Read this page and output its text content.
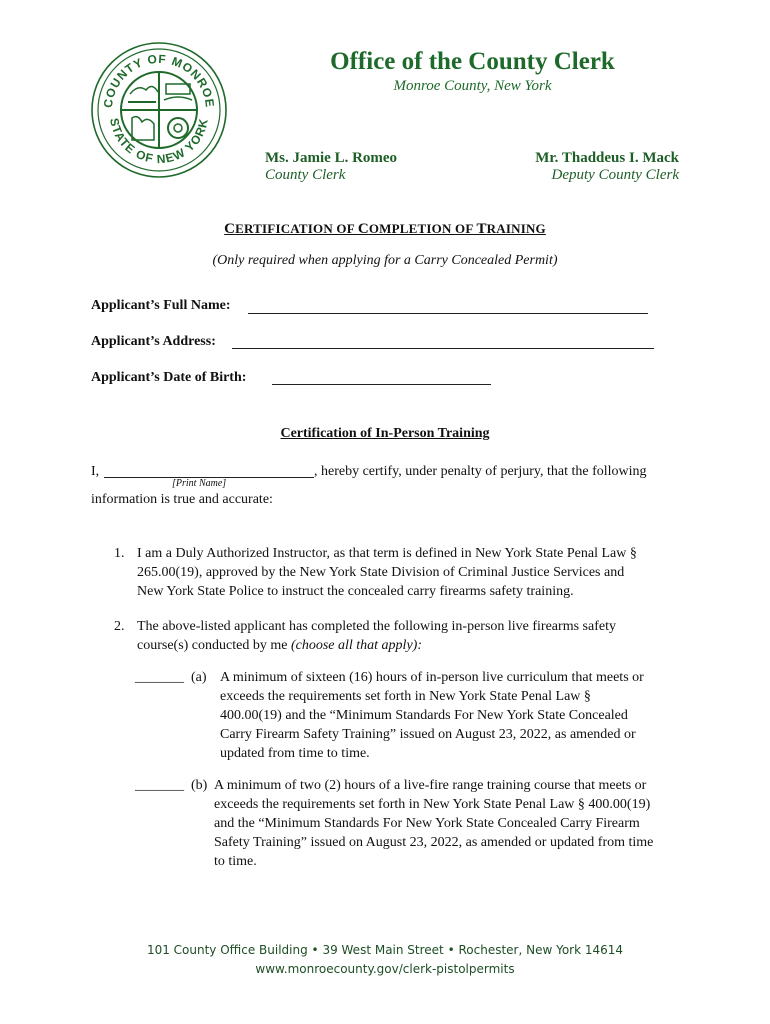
COUNTY OF MONROE
STATE OF NEW YORK
Office of the County Clerk
Monroe County, New York
Ms. Jamie L. Romeo
County Clerk
Mr. Thaddeus I. Mack
Deputy County Clerk
CERTIFICATION OF COMPLETION OF TRAINING
(Only required when applying for a Carry Concealed Permit)
Applicant’s Full Name:
Applicant’s Address:
Applicant’s Date of Birth:
Certification of In-Person Training
I,	, hereby certify, under penalty of perjury, that the following
[Print Name]
information is true and accurate:
1. I am a Duly Authorized Instructor, as that term is defined in New York State Penal Law §
265.00(19), approved by the New York State Division of Criminal Justice Services and
New York State Police to instruct the concealed carry firearms safety training.
2. The above-listed applicant has completed the following in-person live firearms safety
course(s) conducted by me (choose all that apply):
_______ (a) A minimum of sixteen (16) hours of in-person live curriculum that meets or
exceeds the requirements set forth in New York State Penal Law §
400.00(19) and the “Minimum Standards For New York State Concealed
Carry Firearm Safety Training” issued on August 23, 2022, as amended or
updated from time to time.
_______ (b) A minimum of two (2) hours of a live-fire range training course that meets or
exceeds the requirements set forth in New York State Penal Law § 400.00(19)
and the “Minimum Standards For New York State Concealed Carry Firearm
Safety Training” issued on August 23, 2022, as amended or updated from time
to time.
101 County Office Building • 39 West Main Street • Rochester, New York 14614
www.monroecounty.gov/clerk-pistolpermits
